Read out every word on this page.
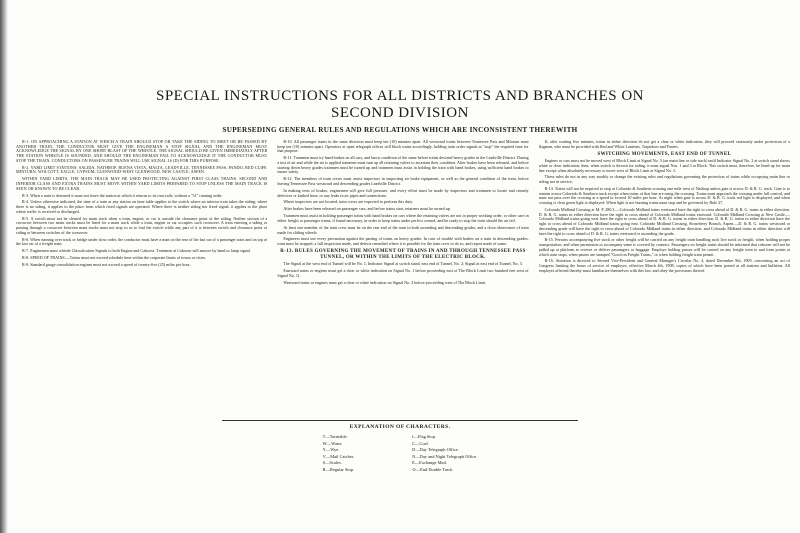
SPECIAL INSTRUCTIONS FOR ALL DISTRICTS AND BRANCHES ON
SECOND DIVISION
SUPERSEDING GENERAL RULES AND REGULATIONS WHICH ARE INCONSISTENT THEREWITH

R-1. ON APPROACHING A STATION AT WHICH A TRAIN SHOULD STOP OR TAKE THE SIDING TO MEET OR BE PASSED BY ANOTHER TRAIN, THE CONDUCTOR MUST GIVE THE ENGINEMAN A STOP SIGNAL AND THE ENGINEMAN MUST ACKNOWLEDGE THE SIGNAL BY ONE SHORT BLAST OF THE WHISTLE. THE SIGNAL SHOULD BE GIVEN IMMEDIATELY AFTER THE STATION WHISTLE IS SOUNDED, AND SHOULD THE ENGINEMAN FAIL TO ACKNOWLEDGE IT THE CONDUCTOR MUST STOP THE TRAIN. CONDUCTORS ON PASSENGER TRAINS WILL USE SIGNAL 16 (D) FOR THIS PURPOSE.

R-2. YARD LIMIT STATIONS: SALIDA, NATHROP, BUENA VISTA, MALTA, LEADVILLE, TENNESSEE PASS, PANDO, RED CLIFF, MINTURN, WOLCOTT, EAGLE, GYPSUM, GLENWOOD-WEST GLENWOOD, NEW CASTLE, ASPEN.

WITHIN YARD LIMITS, THE MAIN TRACK MAY BE USED PROTECTING AGAINST FIRST CLASS TRAINS. SECOND AND INFERIOR CLASS AND EXTRA TRAINS MUST MOVE WITHIN YARD LIMITS PREPARED TO STOP UNLESS THE MAIN TRACK IS SEEN OR KNOWN TO BE CLEAR.

R-3. When a train is detoured it must not leave the station at which it returns to its own rails, without a "31" running order.

R-4. Unless otherwise indicated, the time of a train at any station on time table applies to the switch where an inferior train takes the siding; where there is no siding, it applies to the place from which fixed signals are operated. Where there is neither siding nor fixed signal, it applies to the place where traffic is received or discharged.

R-5. A switch must not be cleared for main track when a train, engine, or car is outside the clearance point of the siding. Neither section of a crossover between two main tracks must be lined for a main track while a train, engine or car occupies such crossover. A train entering a siding or passing through a crossover between main tracks must not stop so as to foul the switch while any part of it is between switch and clearance point of siding or between switches of the crossover.

R-6. When running over track or bridge under slow order, the conductor must have a man on the rear of the last car of a passenger train and on top of the last car of a freight train.

R-7. Enginemen must whistle Classification Signals to both Engine and Caboose. Trainmen at Caboose will answer by hand or lamp signal.

R-8. SPEED OF TRAINS.—Trains must not exceed schedule time within the corporate limits of towns or cities.

R-9. Standard gauge consolidation engines must not exceed a speed of twenty-five (25) miles per hour.

R-10. All passenger trains in the same direction must keep ten (10) minutes apart. All westward trains between Tennessee Pass and Minturn must keep ten (10) minutes apart. Operators at open telegraph offices will block trains accordingly, holding train order signals at "stop" the required time for that purpose.

R-11. Trainmen must try hand brakes on all cars, and know condition of the same before trains descend heavy grades in the Leadville District. During a test of air and while the air is applied trainmen must turn up all retaining valves to ascertain their condition. After brakes have been released, and before starting down heavy grades trainmen must be turned up and trainmen must assist in holding the train with hand brakes, using sufficient hand brakes to insure safety.

R-12. The members of train crews must assist inspectors in inspecting air brake equipment, as well as the general condition of the train, before leaving Tennessee Pass westward and descending grades Leadville District.

In making tests of brakes, enginemen will give full pressure, and every effort must be made by inspectors and trainmen to locate and remedy defective or kinked hose, or any leaks in air pipes and connections.

Where inspectors are not located, train crews are expected to perform this duty.

After brakes have been released on passenger cars, and before trains start, retainers must be turned up.

Trainmen must assist in holding passenger trains with hand brakes on cars where the retaining valves are not in proper working order, or other care in either freight or passenger trains, if found necessary, in order to keep trains under perfect control, and be ready to stop the train should the air fail.

At least one member of the train crew must be on the rear end of the train in both ascending and descending grades, and a close observance of train made for sliding wheels.

Engineers must use every precaution against the parting of trains on heavy grades. In case of trouble with brakes on a train in descending grades, train must be stopped, a full inspection made, and defects remedied where it is possible for the train crew to do so, and report made of same.

R-13. RULES GOVERNING THE MOVEMENT OF TRAINS IN AND THROUGH TENNESSEE PASS TUNNEL, OR WITHIN THE LIMITS OF THE ELECTRIC BLOCK.

The Signal at the west end of Tunnel will be No. 1, Indicator Signal at switch stand, east end of Tunnel, No. 2; Signal at east end of Tunnel, No. 3.

Eastward trains or engines must get a clear or white indication on Signal No. 1 before proceeding east of The Block Limit two hundred feet west of Signal No. 11.

Westward trains or engines must get a clear or white indication on Signal No. 3 before proceeding west of The Block Limit.

If, after waiting five minutes, trains in either direction do not get a clear or white indication, they will proceed cautiously under protection of a flagman, who must be provided with Red and White Lanterns, Torpedoes and Fusees.

SWITCHING MOVEMENTS, EAST END OF TUNNEL

Engines or cars must not be moved west of Block Limit at Signal No. 3 (on main line or side track) until Indicator Signal No. 2 at switch stand shows white or clear indication; then, when switch is thrown for siding, it must signal Nos. 1 and 3 at Block. This switch must, therefore, be lined up for main line except when absolutely necessary to move west of Block Limit at Signal No. 3.

These rules do not in any way modify or change the existing rules and regulations governing the protection of trains while occupying main line or siding not in service.

R-14. Trains will not be required to stop at Colorado & Southern crossing one mile west of Nathrop unless gate is across D. & R. G. track. Gate is to remain across Colorado & Southern track except when trains of that line are using the crossing. Trains must approach the crossing under full control, and must not pass over the crossing at a speed to exceed 10 miles per hour. At night when gate is across D. & R. G. track red light is displayed, and when crossing is clear green light is displayed. When light is not burning trains must stop and be governed by Rule 27.

Colorado Midland Crossing at M. P. 280.3.—Colorado Midland trains westward have the right to cross ahead of D. & R. G. trains in either direction. D. & R. G. trains in either direction have the right to cross ahead of Colorado Midland trains eastward. Colorado Midland Crossing at New Castle.—Colorado Midland trains going west have the right to cross ahead of D. & R. G. trains in either direction. D. & R. G. trains in either direction have the right to cross ahead of Colorado Midland trains going east. Colorado Midland Crossing, Strawberry Branch, Aspen.—D. & R. G. trains westward or descending grade will have the right to cross ahead of Colorado Midland trains in either direction, and Colorado Midland trains in either direction will have the right to cross ahead of D. & R. G. trains westward or ascending the grade.

R-15. Persons accompanying live stock or other freight will be carried on any freight train handling such live stock or freight, when holding proper transportation, and when permission to accompany same is covered by contract. Passengers on freight trains should be informed that caboose will not be pulled up at platform to receive or deliver passengers or baggage. Employe holding passes will be carried on any freight train to and from points at which train stops, when passes are stamped "Good on Freight Trains," or when holding freight train permit.

R-16. Attention is directed to Second Vice-President and General Manager's Circular No. 4, dated December 9th, 1909, concerning an act of Congress limiting the hours of service of employes, effective March 4th, 1908, copies of which have been posted at all stations and bulletins. All employes affected thereby must familiarize themselves with this law, and obey the provisions thereof.

EXPLANATION OF CHARACTERS.
T—Turntable.
W—Water.
Y—Wye.
V—Mail Catcher.
S—Scales.
R—Regular Stop.
f—Flag Stop.
C—Coal.
D—Day Telegraph Office.
N—Day and Night Telegraph Office.
E—Exchange Mail.
⊙—End Double Track.
